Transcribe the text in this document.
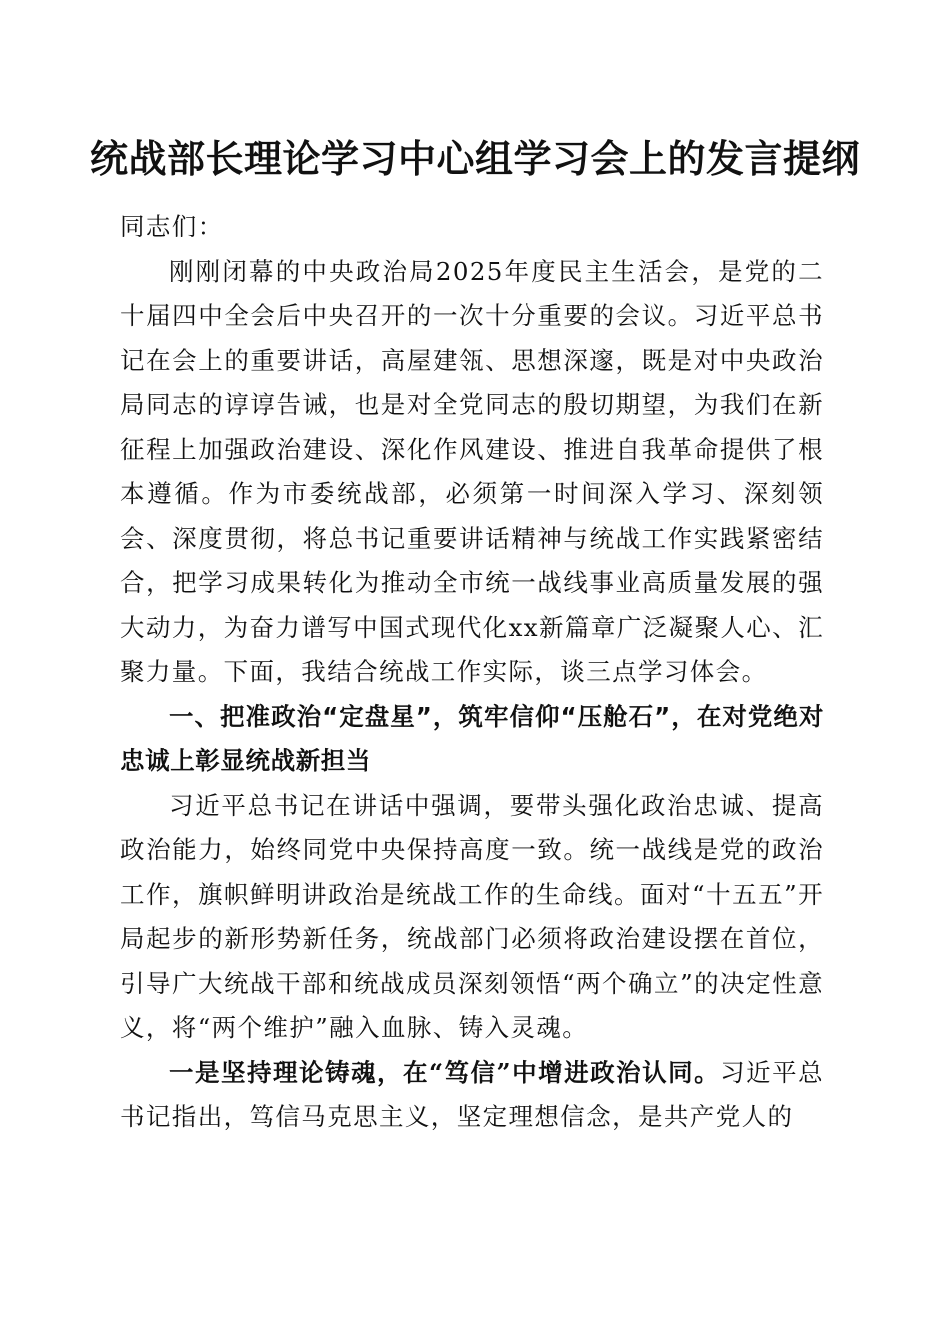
统战部长理论学习中心组学习会上的发言提纲

同志们：

刚刚闭幕的中央政治局2025年度民主生活会，是党的二十届四中全会后中央召开的一次十分重要的会议。习近平总书记在会上的重要讲话，高屋建瓴、思想深邃，既是对中央政治局同志的谆谆告诫，也是对全党同志的殷切期望，为我们在新征程上加强政治建设、深化作风建设、推进自我革命提供了根本遵循。作为市委统战部，必须第一时间深入学习、深刻领会、深度贯彻，将总书记重要讲话精神与统战工作实践紧密结合，把学习成果转化为推动全市统一战线事业高质量发展的强大动力，为奋力谱写中国式现代化xx新篇章广泛凝聚人心、汇聚力量。下面，我结合统战工作实际，谈三点学习体会。

一、把准政治“定盘星”，筑牢信仰“压舱石”，在对党绝对忠诚上彰显统战新担当

习近平总书记在讲话中强调，要带头强化政治忠诚、提高政治能力，始终同党中央保持高度一致。统一战线是党的政治工作，旗帜鲜明讲政治是统战工作的生命线。面对“十五五”开局起步的新形势新任务，统战部门必须将政治建设摆在首位，引导广大统战干部和统战成员深刻领悟“两个确立”的决定性意义，将“两个维护”融入血脉、铸入灵魂。

一是坚持理论铸魂，在“笃信”中增进政治认同。习近平总书记指出，笃信马克思主义，坚定理想信念，是共产党人的
